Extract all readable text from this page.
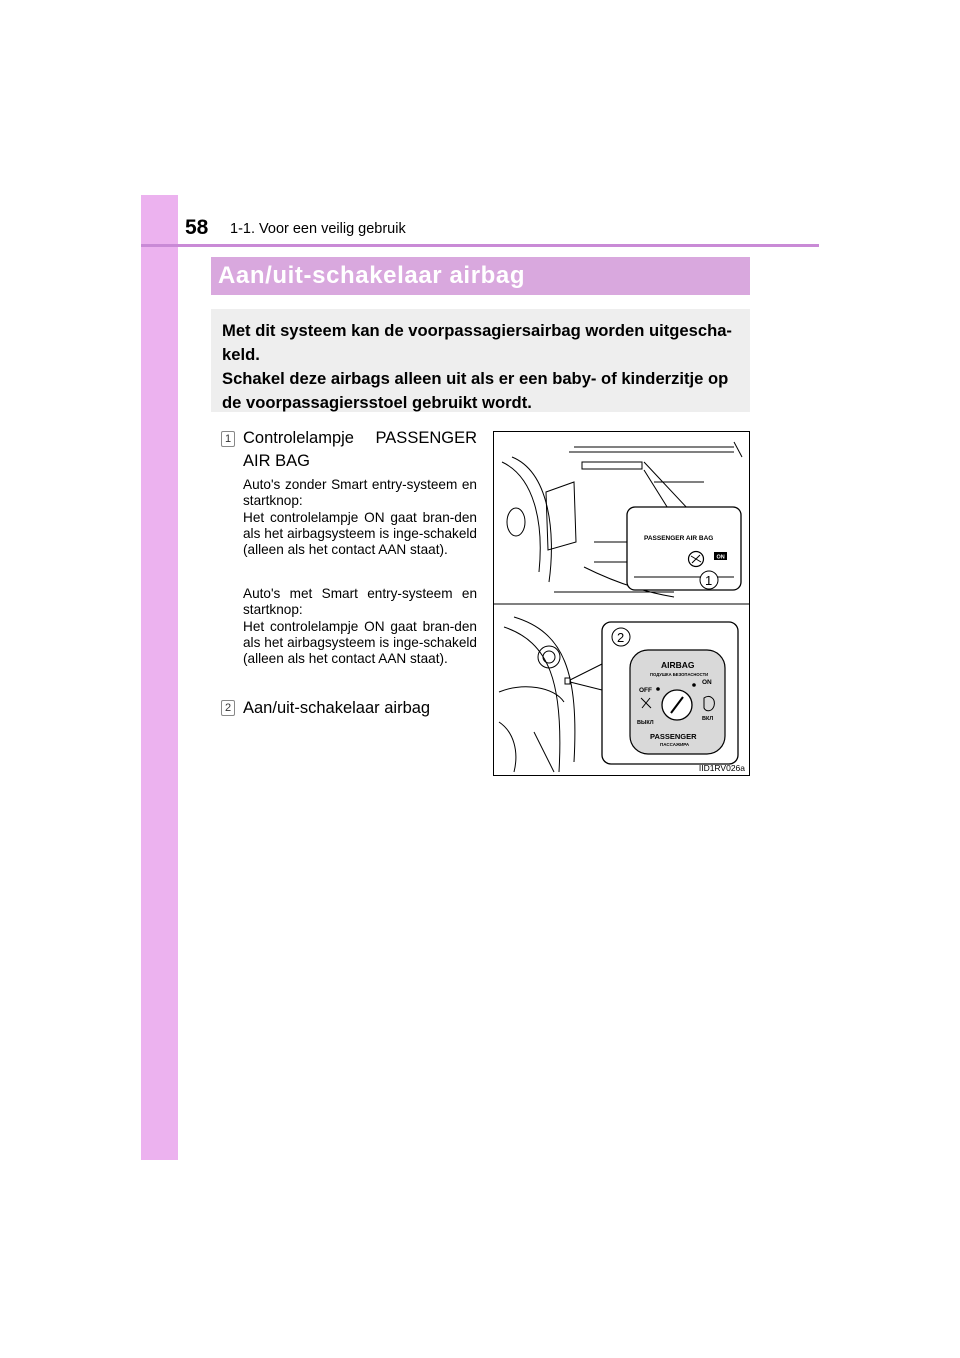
58 1-1. Voor een veilig gebruik
Aan/uit-schakelaar airbag

Met dit systeem kan de voorpassagiersairbag worden uitgescha-keld.

Schakel deze airbags alleen uit als er een baby- of kinderzitje op de voorpassagiersstoel gebruikt wordt.

1 Controlelampje PASSENGER AIR BAG

Auto's zonder Smart entry-systeem en startknop:

Het controlelampje ON gaat bran-den als het airbagsysteem is inge-schakeld (alleen als het contact AAN staat).

Auto's met Smart entry-systeem en startknop:

Het controlelampje ON gaat bran-den als het airbagsysteem is inge-schakeld (alleen als het contact AAN staat).

2 Aan/uit-schakelaar airbag
PASSENGER AIR BAG
ON
1
2
AIRBAG
ПОДУШКА БЕЗОПАСНОСТИ
OFF
ВЫКЛ
ON
ВКЛ
PASSENGER
ПАССАЖИРА
IID1RV026a
